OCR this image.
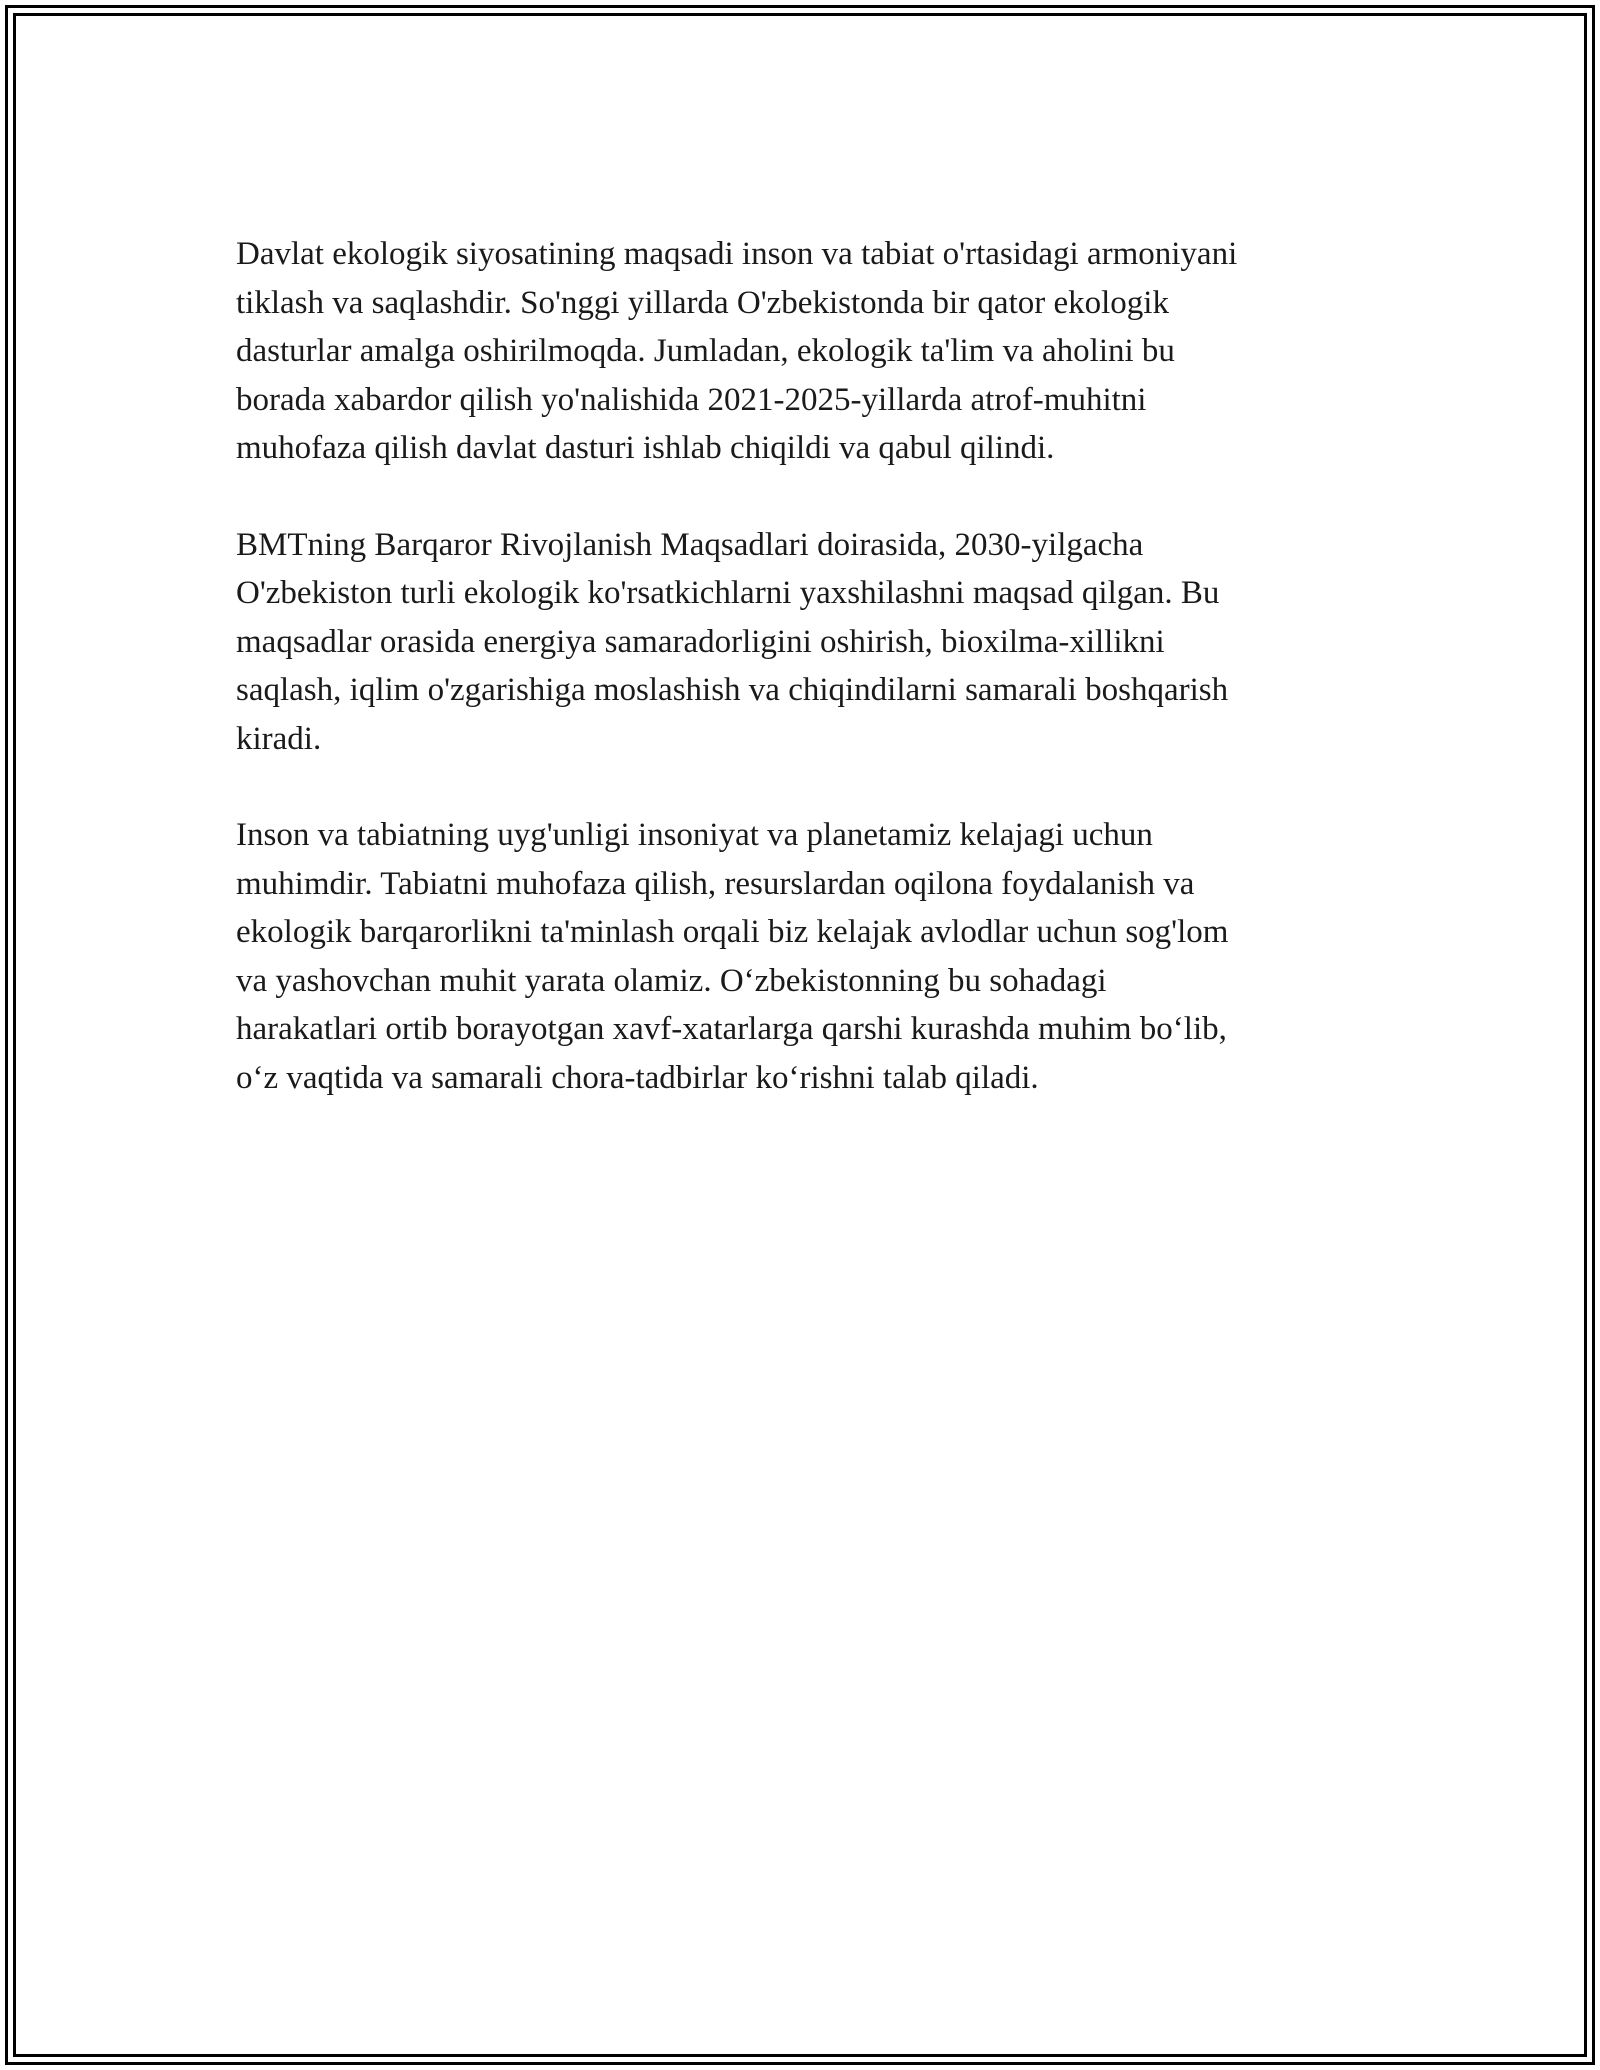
Davlat ekologik siyosatining maqsadi inson va tabiat o'rtasidagi armoniyani
tiklash va saqlashdir. So'nggi yillarda O'zbekistonda bir qator ekologik
dasturlar amalga oshirilmoqda. Jumladan, ekologik ta'lim va aholini bu
borada xabardor qilish yo'nalishida 2021-2025-yillarda atrof-muhitni
muhofaza qilish davlat dasturi ishlab chiqildi va qabul qilindi.

BMTning Barqaror Rivojlanish Maqsadlari doirasida, 2030-yilgacha
O'zbekiston turli ekologik ko'rsatkichlarni yaxshilashni maqsad qilgan. Bu
maqsadlar orasida energiya samaradorligini oshirish, bioxilma-xillikni
saqlash, iqlim o'zgarishiga moslashish va chiqindilarni samarali boshqarish
kiradi.

Inson va tabiatning uyg'unligi insoniyat va planetamiz kelajagi uchun
muhimdir. Tabiatni muhofaza qilish, resurslardan oqilona foydalanish va
ekologik barqarorlikni ta'minlash orqali biz kelajak avlodlar uchun sog'lom
va yashovchan muhit yarata olamiz. O‘zbekistonning bu sohadagi
harakatlari ortib borayotgan xavf-xatarlarga qarshi kurashda muhim bo‘lib,
o‘z vaqtida va samarali chora-tadbirlar ko‘rishni talab qiladi.
